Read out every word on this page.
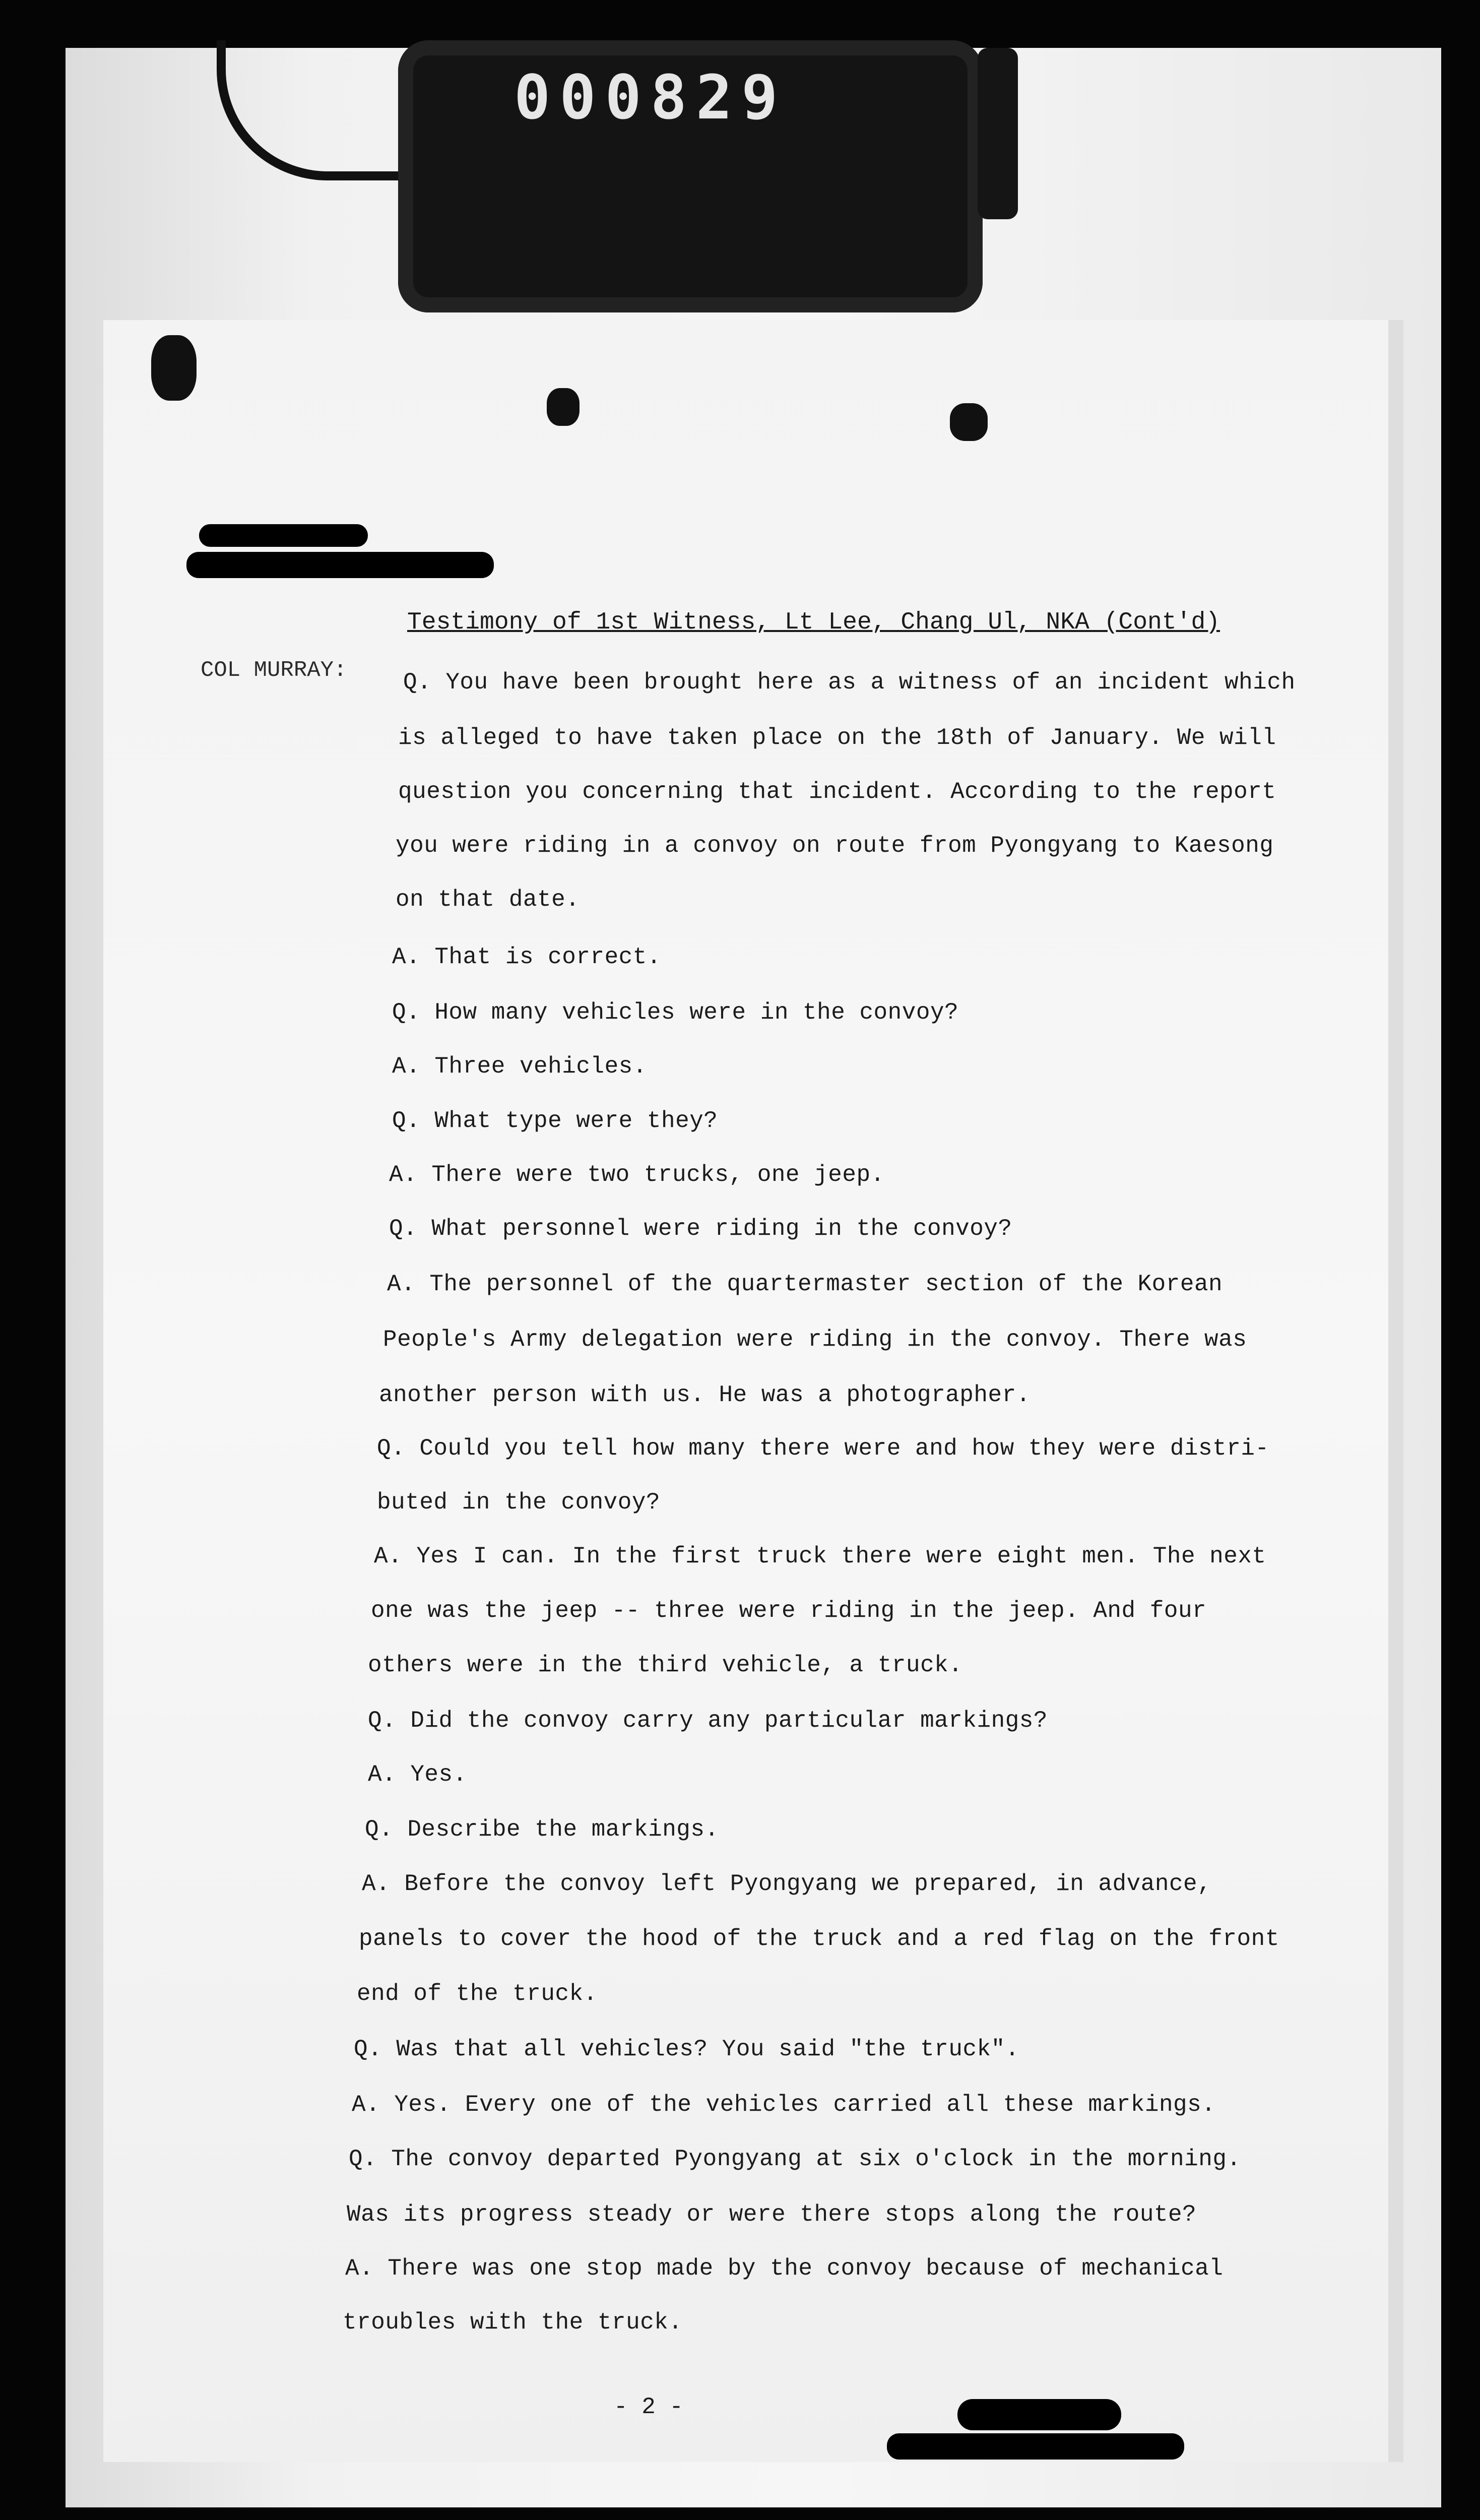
000829
Testimony of 1st Witness, Lt Lee, Chang Ul, NKA (Cont'd)
COL MURRAY: Q. You have been brought here as a witness of an incident which
is alleged to have taken place on the 18th of January. We will
question you concerning that incident. According to the report
you were riding in a convoy on route from Pyongyang to Kaesong
on that date.
A. That is correct.
Q. How many vehicles were in the convoy?
A. Three vehicles.
Q. What type were they?
A. There were two trucks, one jeep.
Q. What personnel were riding in the convoy?
A. The personnel of the quartermaster section of the Korean
People's Army delegation were riding in the convoy. There was
another person with us. He was a photographer.
Q. Could you tell how many there were and how they were distri-
buted in the convoy?
A. Yes I can. In the first truck there were eight men. The next
one was the jeep -- three were riding in the jeep. And four
others were in the third vehicle, a truck.
Q. Did the convoy carry any particular markings?
A. Yes.
Q. Describe the markings.
A. Before the convoy left Pyongyang we prepared, in advance,
panels to cover the hood of the truck and a red flag on the front
end of the truck.
Q. Was that all vehicles? You said "the truck".
A. Yes. Every one of the vehicles carried all these markings.
Q. The convoy departed Pyongyang at six o'clock in the morning.
Was its progress steady or were there stops along the route?
A. There was one stop made by the convoy because of mechanical
troubles with the truck.
- 2 -
